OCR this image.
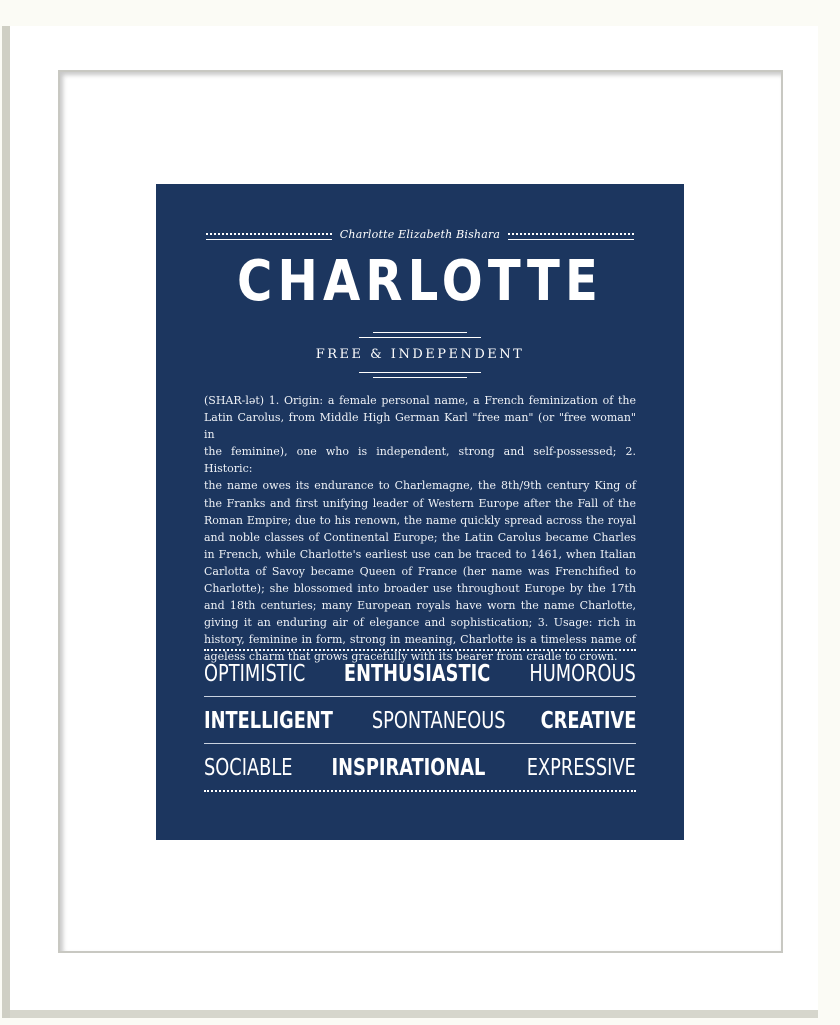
Charlotte Elizabeth Bishara
CHARLOTTE
FREE & INDEPENDENT
(SHAR-lət) 1. Origin: a female personal name, a French feminization of the
Latin Carolus, from Middle High German Karl "free man" (or "free woman" in
the feminine), one who is independent, strong and self-possessed; 2. Historic:
the name owes its endurance to Charlemagne, the 8th/9th century King of
the Franks and first unifying leader of Western Europe after the Fall of the
Roman Empire; due to his renown, the name quickly spread across the royal
and noble classes of Continental Europe; the Latin Carolus became Charles
in French, while Charlotte's earliest use can be traced to 1461, when Italian
Carlotta of Savoy became Queen of France (her name was Frenchified to
Charlotte); she blossomed into broader use throughout Europe by the 17th
and 18th centuries; many European royals have worn the name Charlotte,
giving it an enduring air of elegance and sophistication; 3. Usage: rich in
history, feminine in form, strong in meaning, Charlotte is a timeless name of
ageless charm that grows gracefully with its bearer from cradle to crown.
OPTIMISTIC ENTHUSIASTIC HUMOROUS
INTELLIGENT SPONTANEOUS CREATIVE
SOCIABLE INSPIRATIONAL EXPRESSIVE
